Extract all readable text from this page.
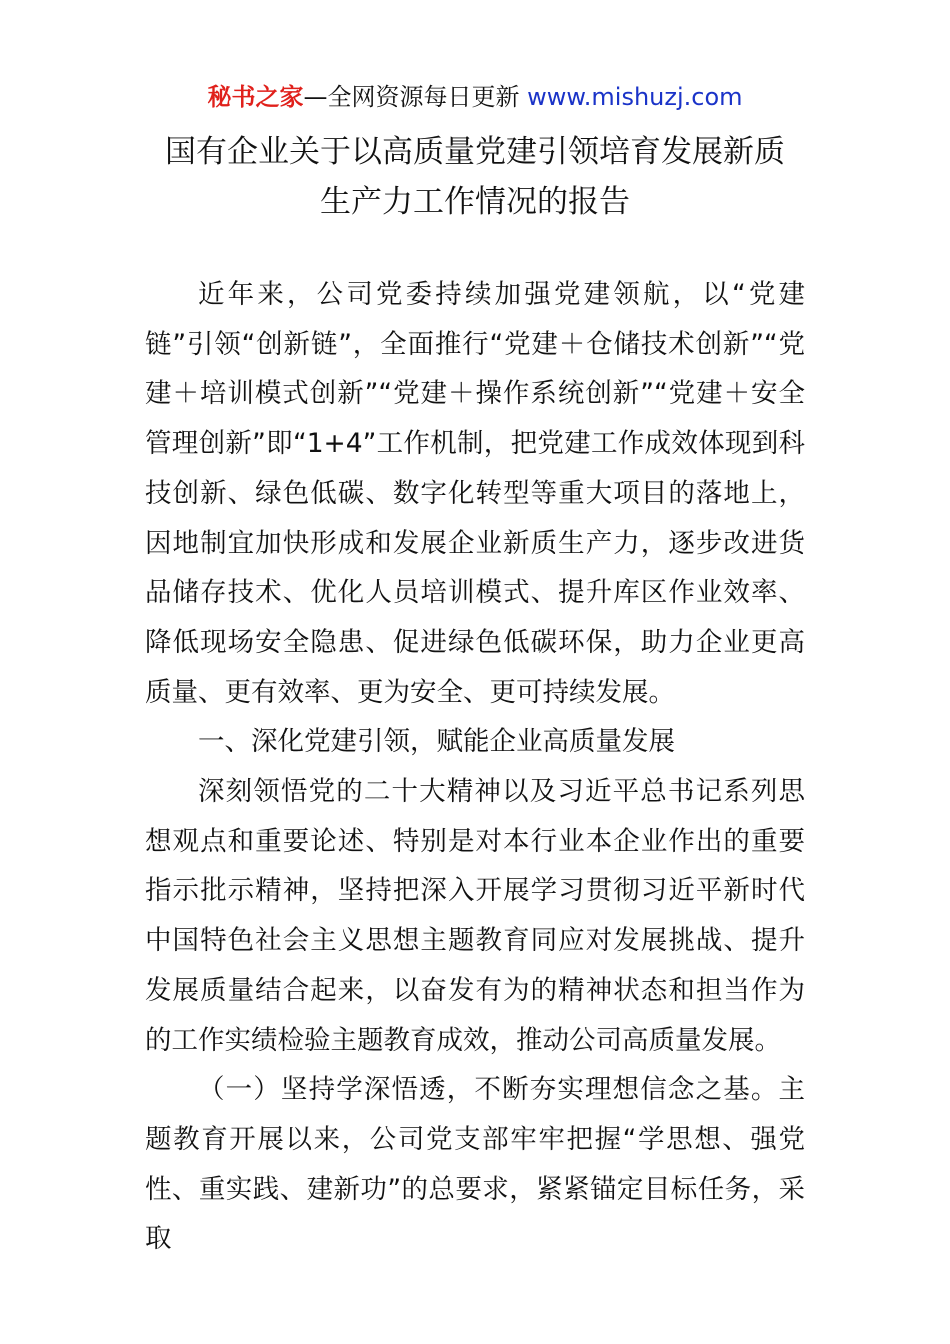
秘书之家—全网资源每日更新 www.mishuzj.com
国有企业关于以高质量党建引领培育发展新质
生产力工作情况的报告

近年来，公司党委持续加强党建领航，以“党建链”引领“创新链”，全面推行“党建＋仓储技术创新”“党建＋培训模式创新”“党建＋操作系统创新”“党建＋安全管理创新”即“1+4”工作机制，把党建工作成效体现到科技创新、绿色低碳、数字化转型等重大项目的落地上，因地制宜加快形成和发展企业新质生产力，逐步改进货品储存技术、优化人员培训模式、提升库区作业效率、降低现场安全隐患、促进绿色低碳环保，助力企业更高质量、更有效率、更为安全、更可持续发展。

一、深化党建引领，赋能企业高质量发展

深刻领悟党的二十大精神以及习近平总书记系列思想观点和重要论述、特别是对本行业本企业作出的重要指示批示精神，坚持把深入开展学习贯彻习近平新时代中国特色社会主义思想主题教育同应对发展挑战、提升发展质量结合起来，以奋发有为的精神状态和担当作为的工作实绩检验主题教育成效，推动公司高质量发展。

（一）坚持学深悟透，不断夯实理想信念之基。主题教育开展以来，公司党支部牢牢把握“学思想、强党性、重实践、建新功”的总要求，紧紧锚定目标任务，采取
